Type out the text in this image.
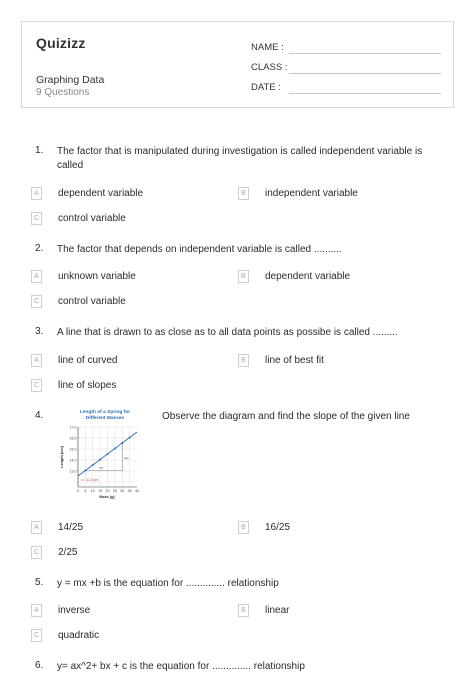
Quizizz
Graphing Data
9 Questions
NAME :
CLASS :
DATE :
1.	The factor that is manipulated during investigation is called independent variable is called
A	dependent variable	B	independent variable
C control variable
2.	The factor that depends on independent variable is called ..........
A	unknown variable	B	dependent variable
C control variable
3.	A line that is drawn to as close as to all data points as possibe is called .........
A	line of curved	B	line of best fit
C line of slopes
4.	Observe the diagram and find the slope of the given line
Length of a Spring for
Different Masses
17.0
16.0
15.0
14.0
13.0
0 5 10 15 20 25 30 35 40
Mass (g)
Length (cm)	rise
run
x = 11.0 cm
A	14/25	B	16/25
C 2/25
5.	y = mx +b is the equation for .............. relationship
A	inverse	B	linear
C quadratic
6.	y= ax^2+ bx + c is the equation for .............. relationship
